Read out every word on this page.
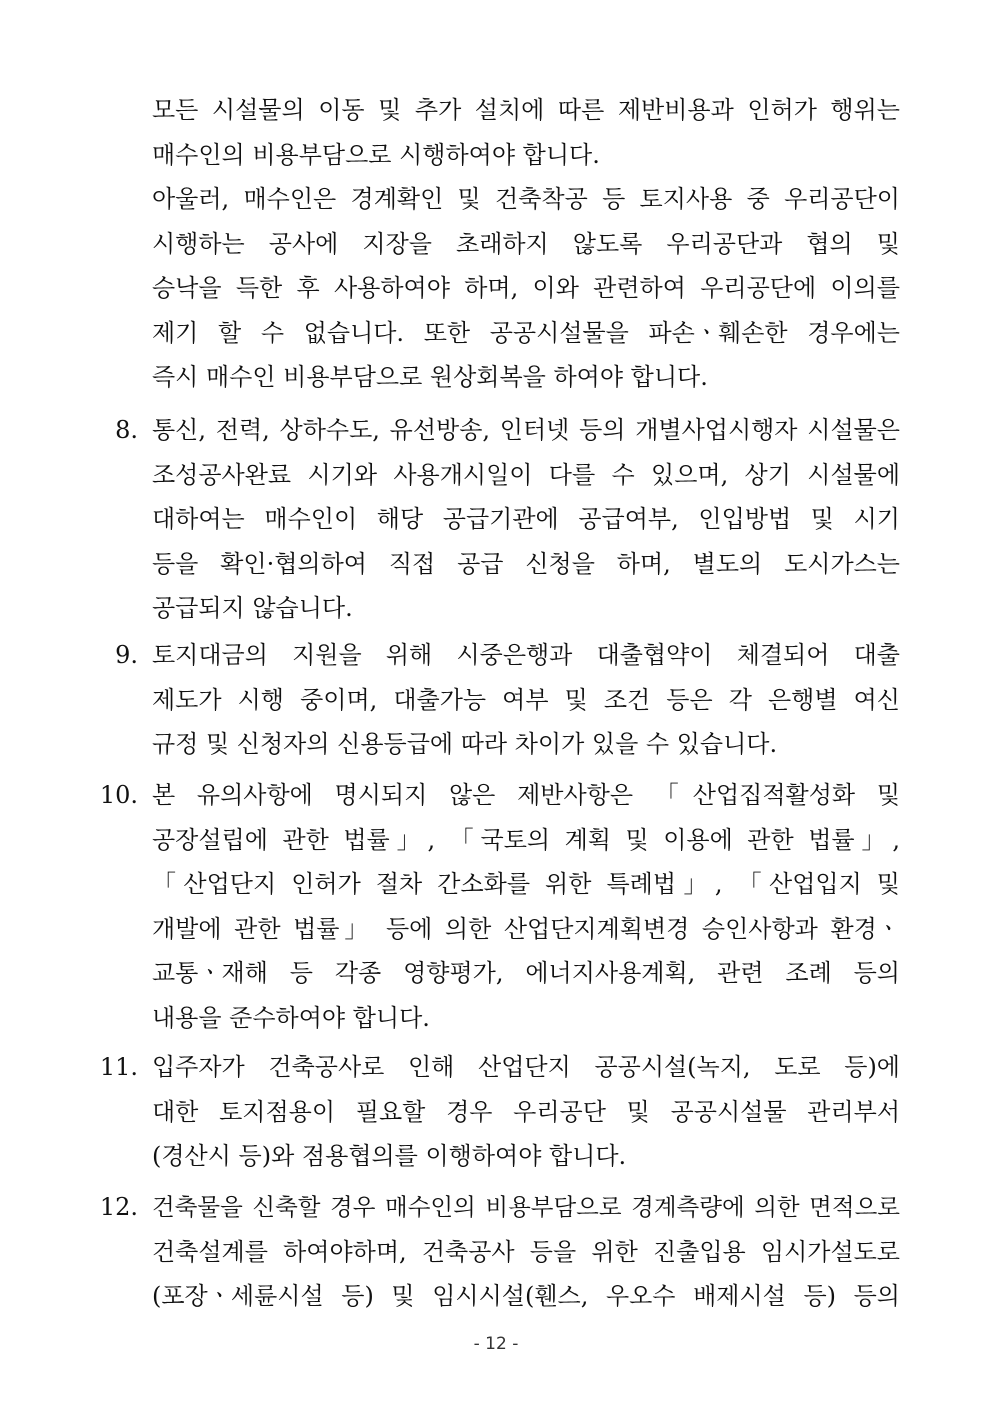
모든 시설물의 이동 및 추가 설치에 따른 제반비용과 인허가 행위는
매수인의 비용부담으로 시행하여야 합니다.
아울러, 매수인은 경계확인 및 건축착공 등 토지사용 중 우리공단이
시행하는 공사에 지장을 초래하지 않도록 우리공단과 협의 및
승낙을 득한 후 사용하여야 하며, 이와 관련하여 우리공단에 이의를
제기 할 수 없습니다. 또한 공공시설물을 파손ㆍ훼손한 경우에는
즉시 매수인 비용부담으로 원상회복을 하여야 합니다.
8. 통신, 전력, 상하수도, 유선방송, 인터넷 등의 개별사업시행자 시설물은
조성공사완료 시기와 사용개시일이 다를 수 있으며, 상기 시설물에
대하여는 매수인이 해당 공급기관에 공급여부, 인입방법 및 시기
등을 확인·협의하여 직접 공급 신청을 하며, 별도의 도시가스는
공급되지 않습니다.
9. 토지대금의 지원을 위해 시중은행과 대출협약이 체결되어 대출
제도가 시행 중이며, 대출가능 여부 및 조건 등은 각 은행별 여신
규정 및 신청자의 신용등급에 따라 차이가 있을 수 있습니다.
10. 본 유의사항에 명시되지 않은 제반사항은 「산업집적활성화 및
공장설립에 관한 법률」, 「국토의 계획 및 이용에 관한 법률」,
「산업단지 인허가 절차 간소화를 위한 특례법」, 「산업입지 및
개발에 관한 법률」 등에 의한 산업단지계획변경 승인사항과 환경ㆍ
교통ㆍ재해 등 각종 영향평가, 에너지사용계획, 관련 조례 등의
내용을 준수하여야 합니다.
11. 입주자가 건축공사로 인해 산업단지 공공시설(녹지, 도로 등)에
대한 토지점용이 필요할 경우 우리공단 및 공공시설물 관리부서
(경산시 등)와 점용협의를 이행하여야 합니다.
12. 건축물을 신축할 경우 매수인의 비용부담으로 경계측량에 의한 면적으로
건축설계를 하여야하며, 건축공사 등을 위한 진출입용 임시가설도로
(포장ㆍ세륜시설 등) 및 임시시설(휀스, 우오수 배제시설 등) 등의
- 12 -
